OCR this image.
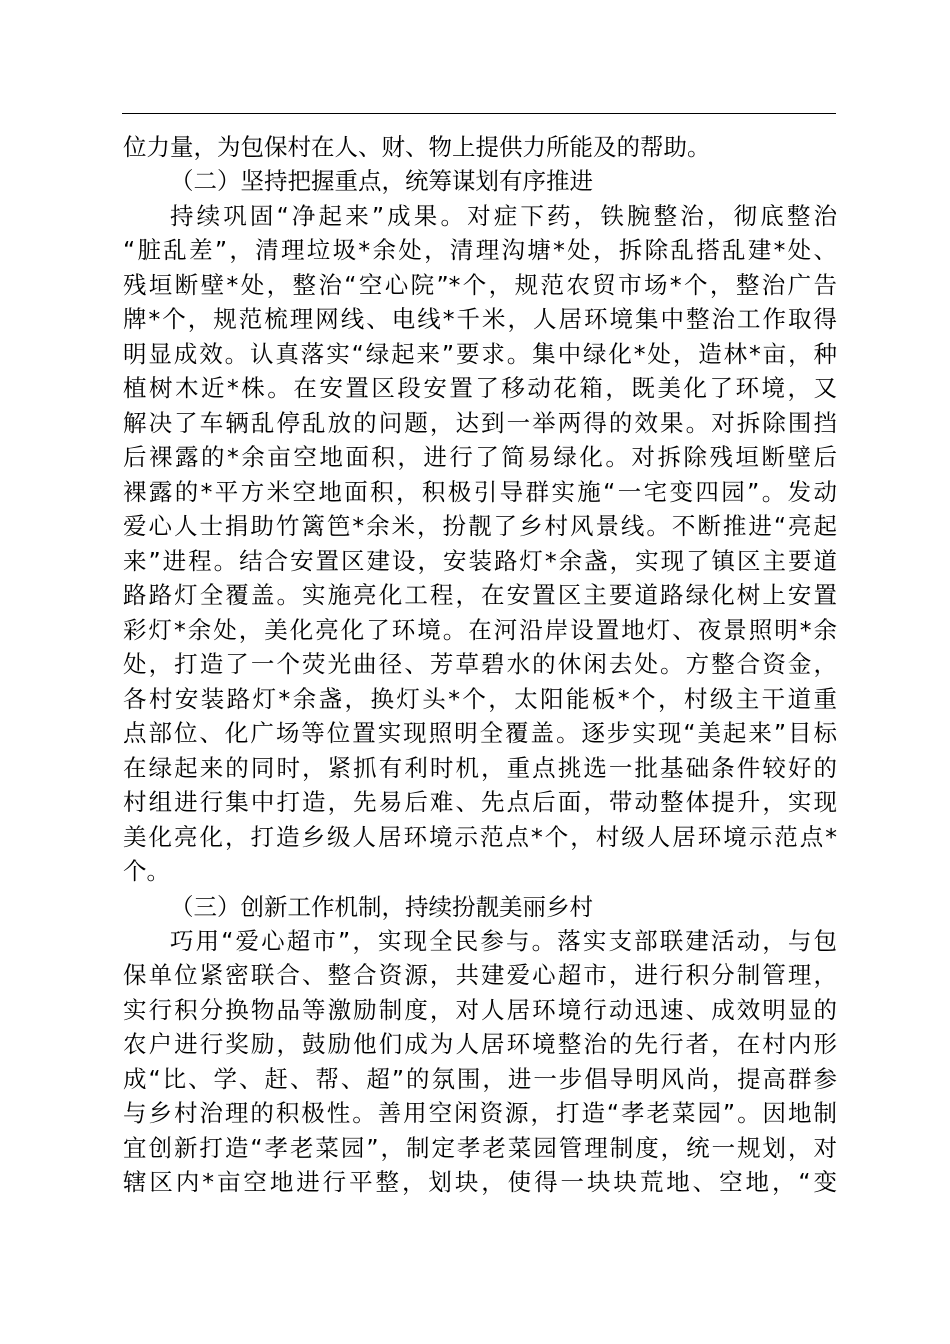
位力量，为包保村在人、财、物上提供力所能及的帮助。
（二）坚持把握重点，统筹谋划有序推进
持续巩固“净起来”成果。对症下药，铁腕整治，彻底整治
“脏乱差”，清理垃圾*余处，清理沟塘*处，拆除乱搭乱建*处、
残垣断壁*处，整治“空心院”*个，规范农贸市场*个，整治广告
牌*个，规范梳理网线、电线*千米，人居环境集中整治工作取得
明显成效。认真落实“绿起来”要求。集中绿化*处，造林*亩，种
植树木近*株。在安置区段安置了移动花箱，既美化了环境，又
解决了车辆乱停乱放的问题，达到一举两得的效果。对拆除围挡
后裸露的*余亩空地面积，进行了简易绿化。对拆除残垣断壁后
裸露的*平方米空地面积，积极引导群实施“一宅变四园”。发动
爱心人士捐助竹篱笆*余米，扮靓了乡村风景线。不断推进“亮起
来”进程。结合安置区建设，安装路灯*余盏，实现了镇区主要道
路路灯全覆盖。实施亮化工程，在安置区主要道路绿化树上安置
彩灯*余处，美化亮化了环境。在河沿岸设置地灯、夜景照明*余
处，打造了一个荧光曲径、芳草碧水的休闲去处。方整合资金，
各村安装路灯*余盏，换灯头*个，太阳能板*个，村级主干道重
点部位、化广场等位置实现照明全覆盖。逐步实现“美起来”目标
在绿起来的同时，紧抓有利时机，重点挑选一批基础条件较好的
村组进行集中打造，先易后难、先点后面，带动整体提升，实现
美化亮化，打造乡级人居环境示范点*个，村级人居环境示范点*
个。
（三）创新工作机制，持续扮靓美丽乡村
巧用“爱心超市”，实现全民参与。落实支部联建活动，与包
保单位紧密联合、整合资源，共建爱心超市，进行积分制管理，
实行积分换物品等激励制度，对人居环境行动迅速、成效明显的
农户进行奖励，鼓励他们成为人居环境整治的先行者，在村内形
成“比、学、赶、帮、超”的氛围，进一步倡导明风尚，提高群参
与乡村治理的积极性。善用空闲资源，打造“孝老菜园”。因地制
宜创新打造“孝老菜园”，制定孝老菜园管理制度，统一规划，对
辖区内*亩空地进行平整，划块，使得一块块荒地、空地，“变
